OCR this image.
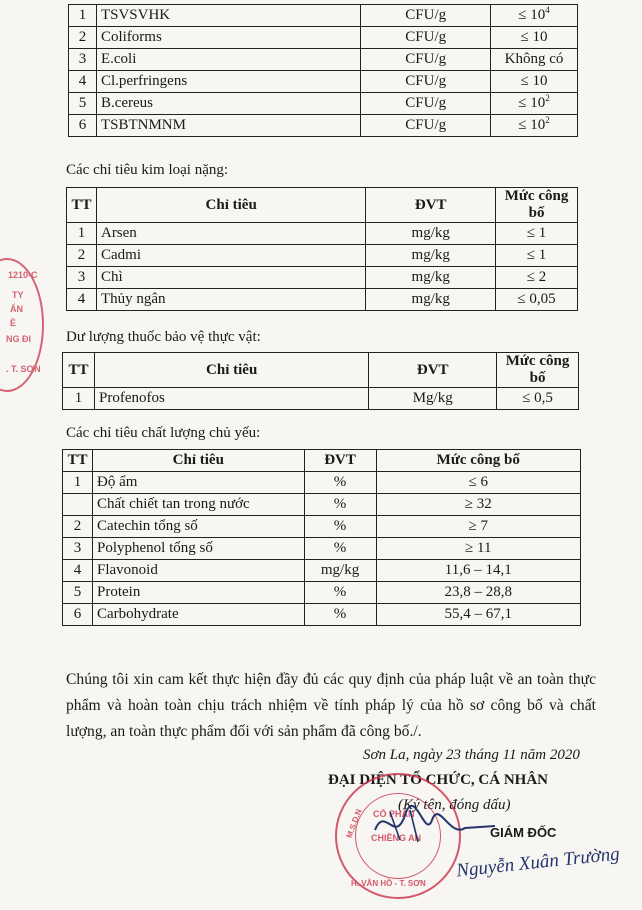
1	TSVSVHK	CFU/g	≤ $10^4$
2	Coliforms	CFU/g	≤ 10
3	E.coli	CFU/g	Không có
4	Cl.perfringens	CFU/g	≤ 10
5	B.cereus	CFU/g	≤ $10^2$
6	TSBTNMNM	CFU/g	≤ $10^2$
Các chỉ tiêu kim loại nặng:
TT	Chỉ tiêu	ĐVT	Mức công bố
1	Arsen	mg/kg	≤ 1
2	Cadmi	mg/kg	≤ 1
3	Chì	mg/kg	≤ 2
4	Thủy ngân	mg/kg	≤ 0,05
Dư lượng thuốc bảo vệ thực vật:
TT	Chỉ tiêu	ĐVT	Mức công bố
1	Profenofos	Mg/kg	≤ 0,5
Các chỉ tiêu chất lượng chủ yếu:
TT	Chỉ tiêu	ĐVT	Mức công bố
1	Độ ẩm	%	≤ 6
	Chất chiết tan trong nước	%	≥ 32
2	Catechin tổng số	%	≥ 7
3	Polyphenol tổng số	%	≥ 11
4	Flavonoid	mg/kg	11,6 – 14,1
5	Protein	%	23,8 – 28,8
6	Carbohydrate	%	55,4 – 67,1
Chúng tôi xin cam kết thực hiện đầy đủ các quy định của pháp luật về an toàn thực phẩm và hoàn toàn chịu trách nhiệm về tính pháp lý của hồ sơ công bố và chất lượng, an toàn thực phẩm đối với sản phẩm đã công bố./.
Sơn La, ngày 23 tháng 11 năm 2020
ĐẠI DIỆN TỔ CHỨC, CÁ NHÂN
(Ký tên, đóng dấu)
GIÁM ĐỐC
Nguyễn Xuân Trường
1210-C
TY
ẨN
È
NG ĐI
. T. SƠN
CỔ PHẦN
CHIỀNG AN
H. VÂN HỒ - T. SƠN
M.S.D.N
